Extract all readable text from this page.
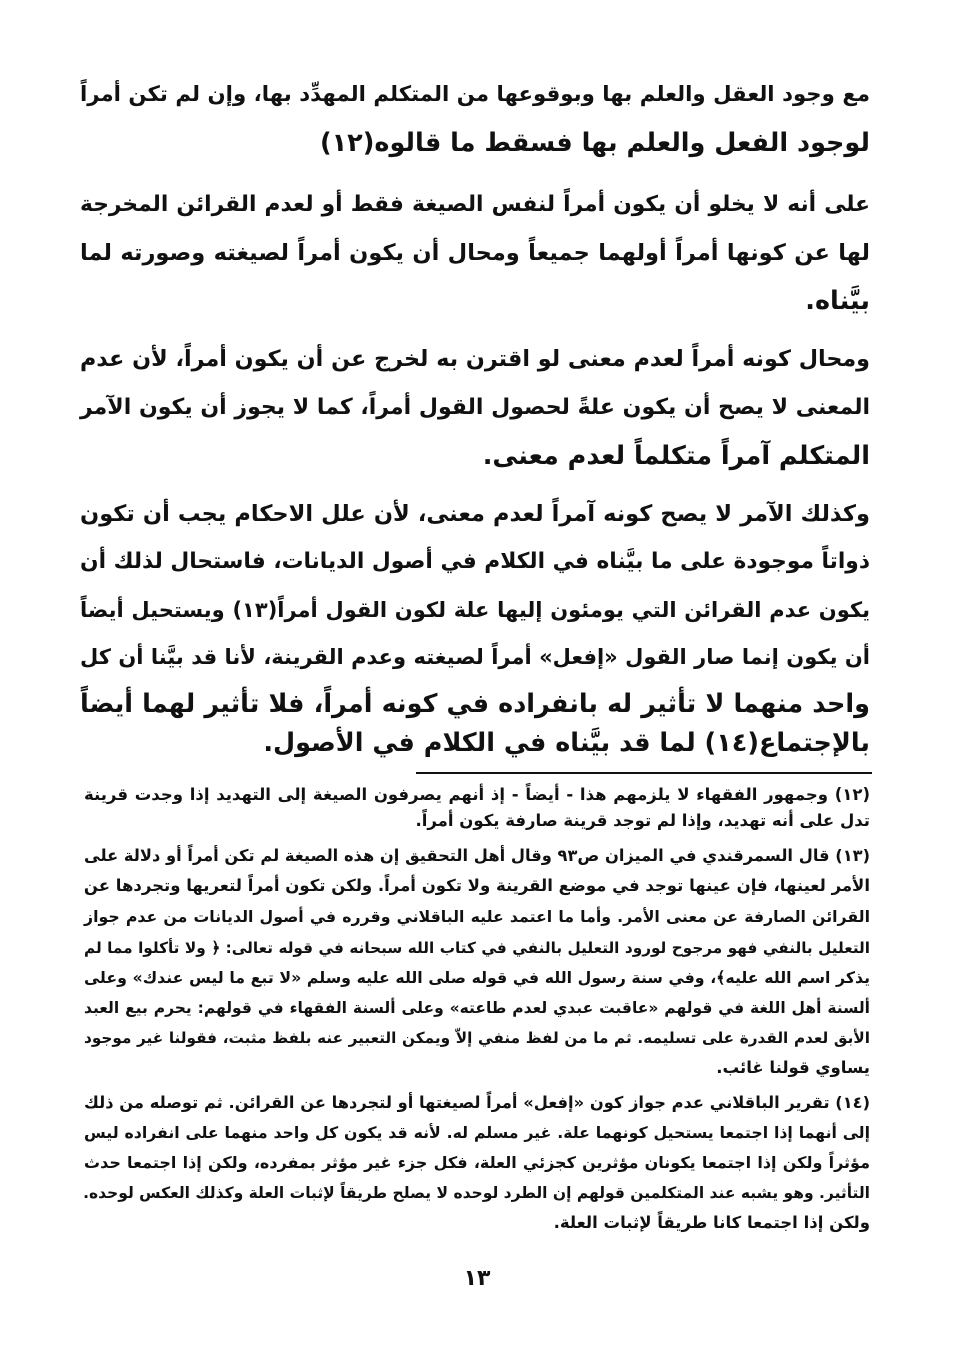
مع وجود العقل والعلم بها وبوقوعها من المتكلم المهدِّد بها، وإن لم تكن أمراً
لوجود الفعل والعلم بها فسقط ما قالوه(١٢)
على أنه لا يخلو أن يكون أمراً لنفس الصيغة فقط أو لعدم القرائن المخرجة
لها عن كونها أمراً أولهما جميعاً ومحال أن يكون أمراً لصيغته وصورته لما
بيَّناه.
ومحال كونه أمراً لعدم معنى لو اقترن به لخرج عن أن يكون أمراً، لأن عدم
المعنى لا يصح أن يكون علةً لحصول القول أمراً، كما لا يجوز أن يكون الآمر
المتكلم آمراً متكلماً لعدم معنى.
وكذلك الآمر لا يصح كونه آمراً لعدم معنى، لأن علل الاحكام يجب أن تكون
ذواتاً موجودة على ما بيَّناه في الكلام في أصول الديانات، فاستحال لذلك أن
يكون عدم القرائن التي يومئون إليها علة لكون القول أمراً(١٣) ويستحيل أيضاً
أن يكون إنما صار القول «إفعل» أمراً لصيغته وعدم القرينة، لأنا قد بيَّنا أن كل
واحد منهما لا تأثير له بانفراده في كونه أمراً، فلا تأثير لهما أيضاً
بالإجتماع(١٤) لما قد بيَّناه في الكلام في الأصول.
(١٢) وجمهور الفقهاء لا يلزمهم هذا - أيضاً - إذ أنهم يصرفون الصيغة إلى التهديد إذا وجدت قرينة
تدل على أنه تهديد، وإذا لم توجد قرينة صارفة يكون أمراً.
(١٣) قال السمرقندي في الميزان ص٩٣ وقال أهل التحقيق إن هذه الصيغة لم تكن أمراً أو دلالة على
الأمر لعينها، فإن عينها توجد في موضع القرينة ولا تكون أمراً. ولكن تكون أمراً لتعريها وتجردها عن
القرائن الصارفة عن معنى الأمر. وأما ما اعتمد عليه الباقلاني وقرره في أصول الديانات من عدم جواز
التعليل بالنفي فهو مرجوح لورود التعليل بالنفي في كتاب الله سبحانه في قوله تعالى: ﴿ ولا تأكلوا مما لم
يذكر اسم الله عليه﴾، وفي سنة رسول الله في قوله صلى الله عليه وسلم «لا تبع ما ليس عندك» وعلى
ألسنة أهل اللغة في قولهم «عاقبت عبدي لعدم طاعته» وعلى ألسنة الفقهاء في قولهم: يحرم بيع العبد
الأبق لعدم القدرة على تسليمه. ثم ما من لفظ منفي إلاّ ويمكن التعبير عنه بلفظ مثبت، فقولنا غير موجود
يساوي قولنا غائب.
(١٤) تقرير الباقلاني عدم جواز كون «إفعل» أمراً لصيغتها أو لتجردها عن القرائن. ثم توصله من ذلك
إلى أنهما إذا اجتمعا يستحيل كونهما علة. غير مسلم له. لأنه قد يكون كل واحد منهما على انفراده ليس
مؤثراً ولكن إذا اجتمعا يكونان مؤثرين كجزئي العلة، فكل جزء غير مؤثر بمفرده، ولكن إذا اجتمعا حدث
التأثير. وهو يشبه عند المتكلمين قولهم إن الطرد لوحده لا يصلح طريقاً لإثبات العلة وكذلك العكس لوحده.
ولكن إذا اجتمعا كانا طريقاً لإثبات العلة.
١٣
